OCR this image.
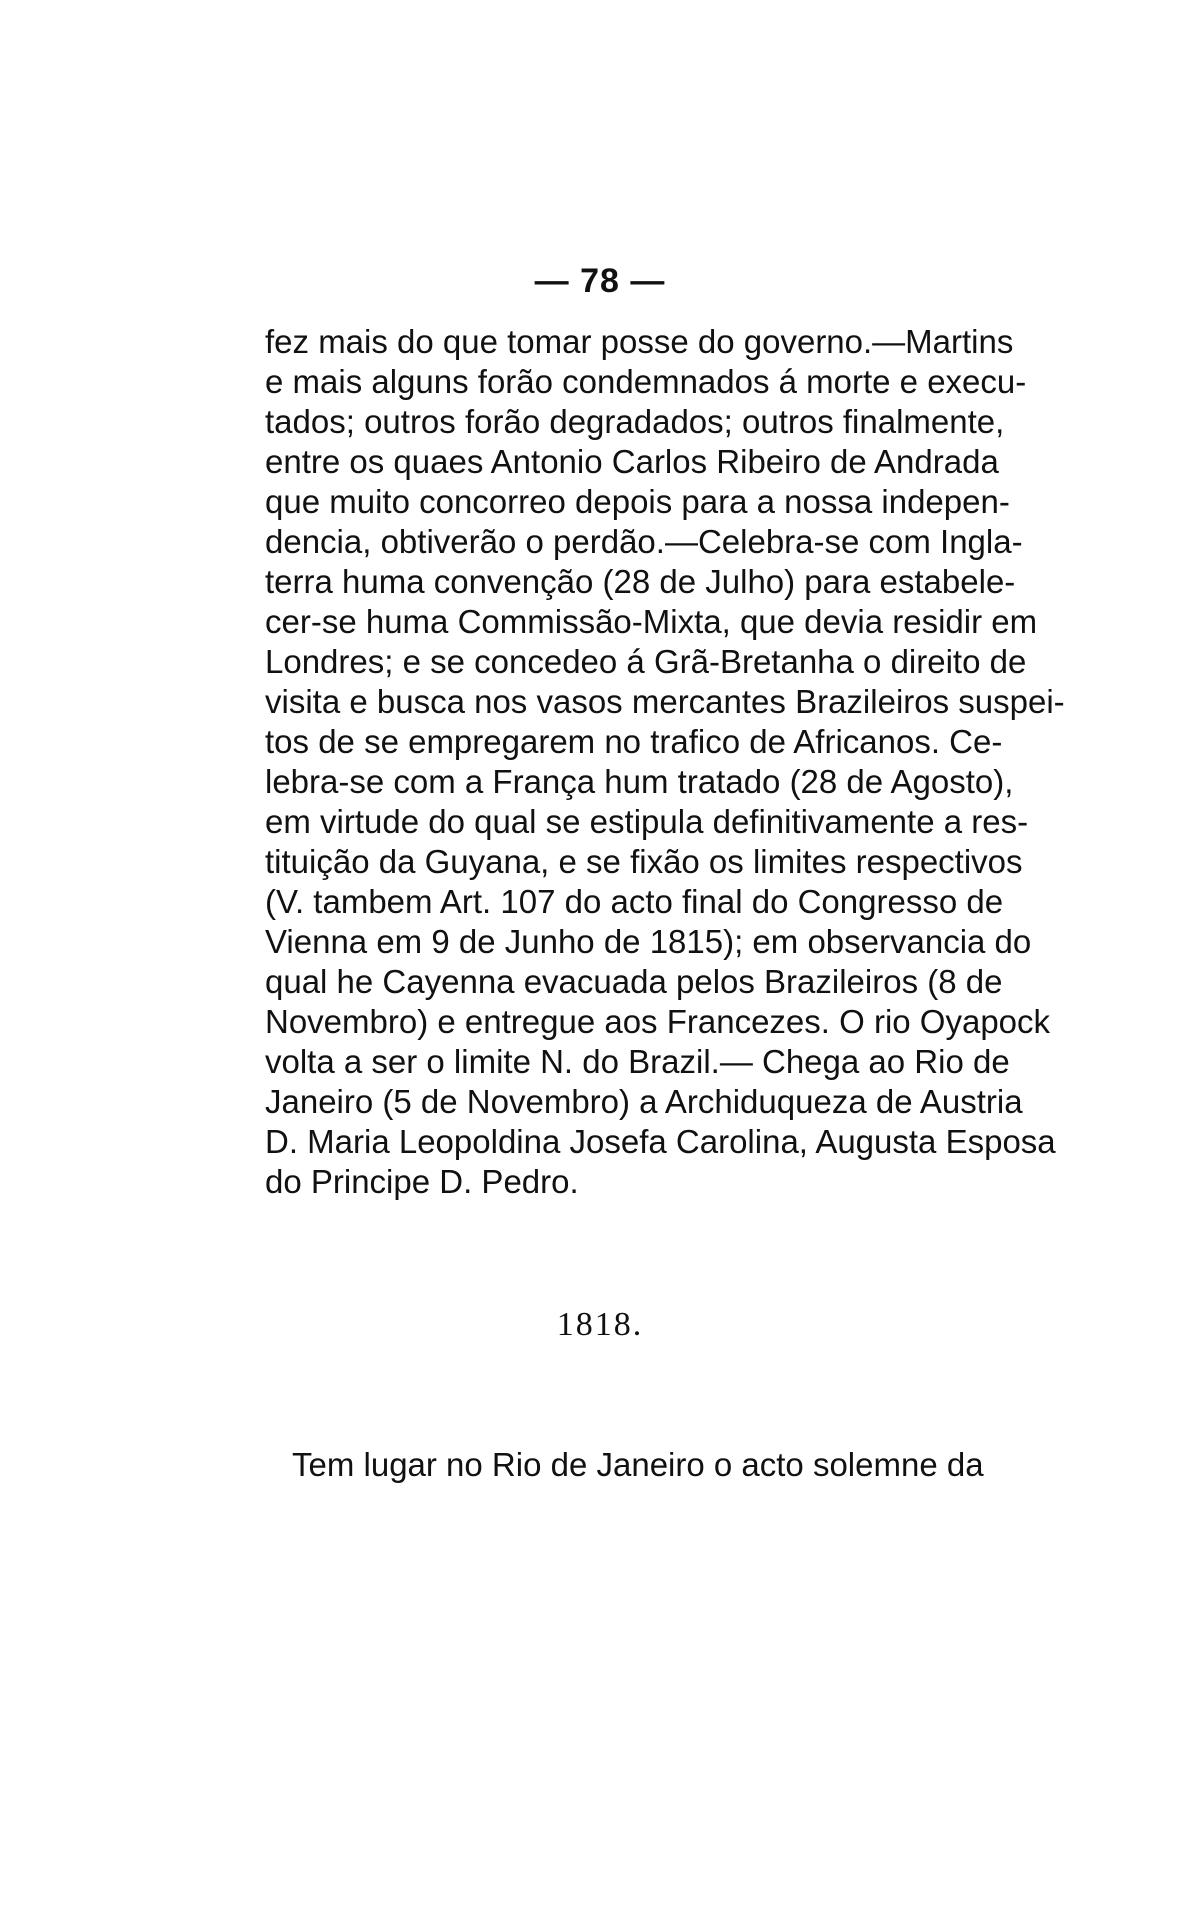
— 78 —
fez mais do que tomar posse do governo.—Martins
e mais alguns forão condemnados á morte e execu-
tados; outros forão degradados; outros finalmente,
entre os quaes Antonio Carlos Ribeiro de Andrada
que muito concorreo depois para a nossa indepen-
dencia, obtiverão o perdão.—Celebra-se com Ingla-
terra huma convenção (28 de Julho) para estabele-
cer-se huma Commissão-Mixta, que devia residir em
Londres; e se concedeo á Grã-Bretanha o direito de
visita e busca nos vasos mercantes Brazileiros suspei-
tos de se empregarem no trafico de Africanos. Ce-
lebra-se com a França hum tratado (28 de Agosto),
em virtude do qual se estipula definitivamente a res-
tituição da Guyana, e se fixão os limites respectivos
(V. tambem Art. 107 do acto final do Congresso de
Vienna em 9 de Junho de 1815); em observancia do
qual he Cayenna evacuada pelos Brazileiros (8 de
Novembro) e entregue aos Francezes. O rio Oyapock
volta a ser o limite N. do Brazil.— Chega ao Rio de
Janeiro (5 de Novembro) a Archiduqueza de Austria
D. Maria Leopoldina Josefa Carolina, Augusta Esposa
do Principe D. Pedro.
1818.
Tem lugar no Rio de Janeiro o acto solemne da
